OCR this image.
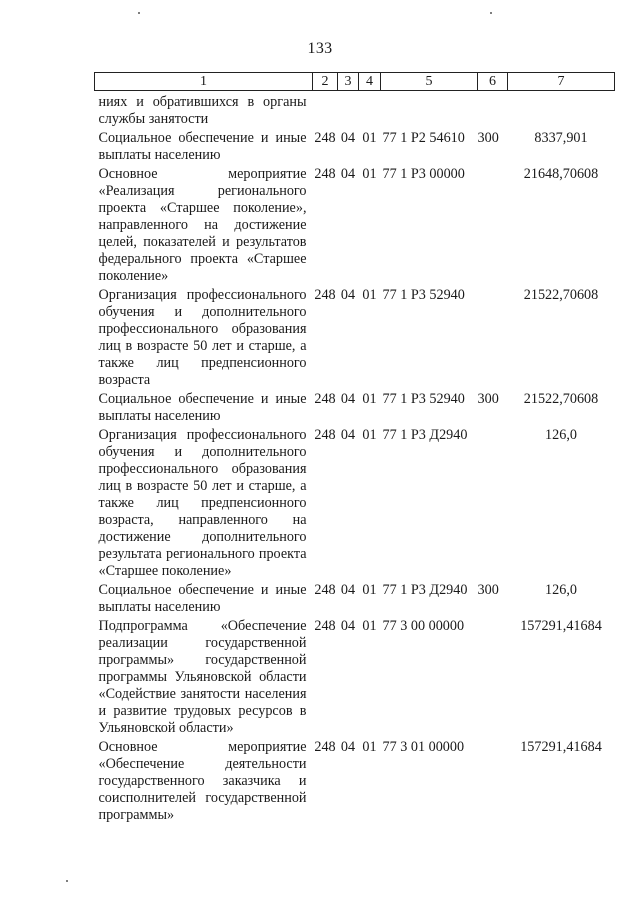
133
1	2	3	4	5	6	7
ниях и обратившихся в органы службы занятости						
Социальное обеспечение и иные выплаты населению	248	04	01	77 1 Р2 54610	300	8337,901
Основное мероприятие «Реализация регионального проекта «Старшее поколение», направленного на достижение целей, показателей и результатов федерального проекта «Старшее поколение»	248	04	01	77 1 Р3 00000		21648,70608
Организация профессионального обучения и дополнительного профессионального образования лиц в возрасте 50 лет и старше, а также лиц предпенсионного возраста	248	04	01	77 1 Р3 52940		21522,70608
Социальное обеспечение и иные выплаты населению	248	04	01	77 1 Р3 52940	300	21522,70608
Организация профессионального обучения и дополнительного профессионального образования лиц в возрасте 50 лет и старше, а также лиц предпенсионного возраста, направленного на достижение дополнительного результата регионального проекта «Старшее поколение»	248	04	01	77 1 Р3 Д2940		126,0
Социальное обеспечение и иные выплаты населению	248	04	01	77 1 Р3 Д2940	300	126,0
Подпрограмма «Обеспечение реализации государственной программы» государственной программы Ульяновской области «Содействие занятости населения и развитие трудовых ресурсов в Ульяновской области»	248	04	01	77 3 00 00000		157291,41684
Основное мероприятие «Обеспечение деятельности государственного заказчика и соисполнителей государственной программы»	248	04	01	77 3 01 00000		157291,41684
